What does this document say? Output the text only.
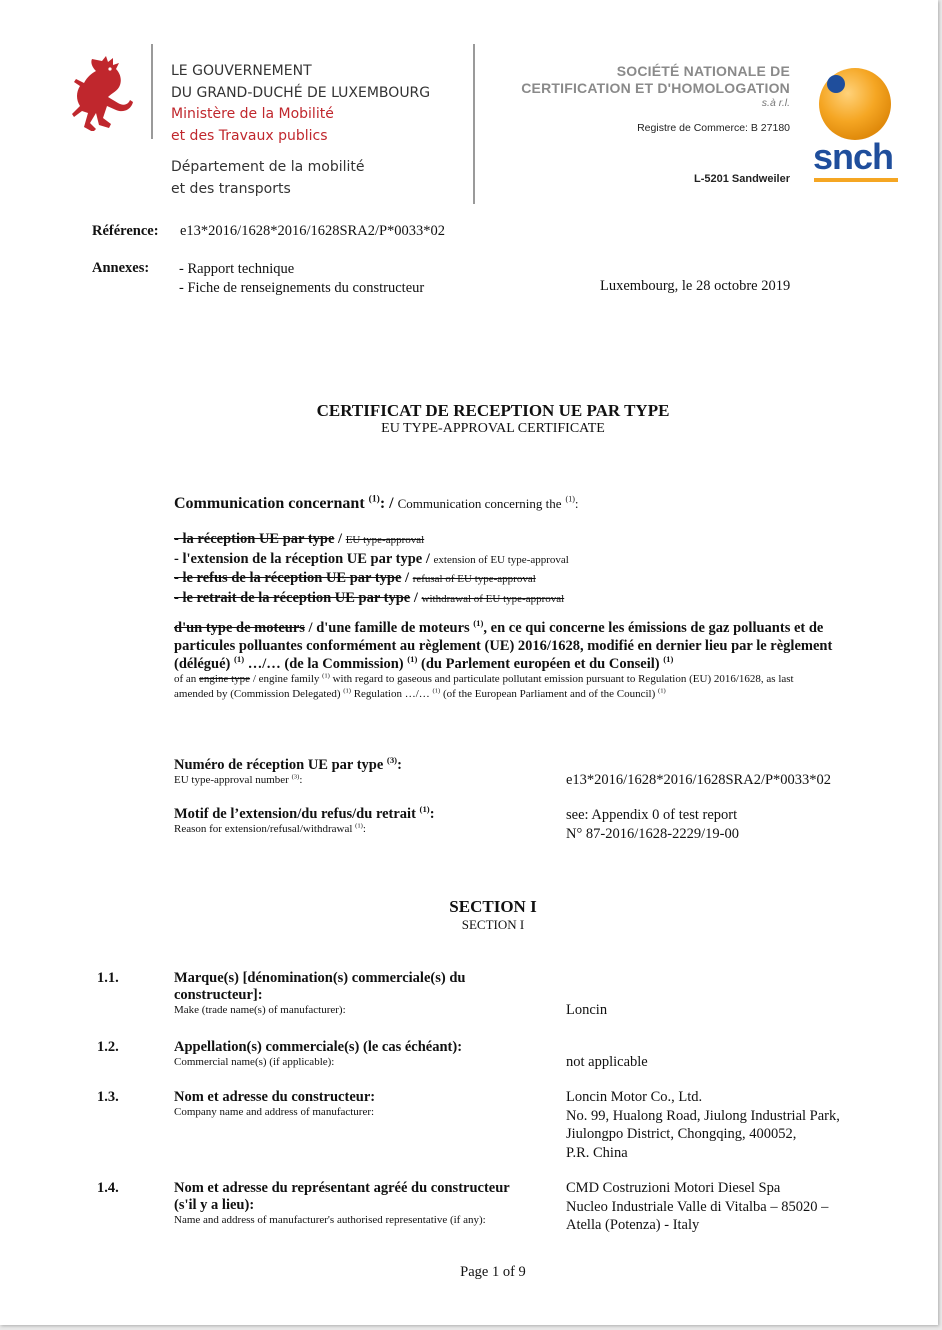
LE GOUVERNEMENT
DU GRAND-DUCHÉ DE LUXEMBOURG
Ministère de la Mobilité
et des Travaux publics
Département de la mobilité
et des transports
SOCIÉTÉ NATIONALE DE
CERTIFICATION ET D'HOMOLOGATION
s.à r.l.
Registre de Commerce: B 27180
L-5201 Sandweiler
snch
Référence: e13*2016/1628*2016/1628SRA2/P*0033*02
Annexes: - Rapport technique
- Fiche de renseignements du constructeur	Luxembourg, le 28 octobre 2019
CERTIFICAT DE RECEPTION UE PAR TYPE
EU TYPE-APPROVAL CERTIFICATE
Communication concernant $^{(1)}$: / Communication concerning the $^{(1)}$:
- la réception UE par type / EU type-approval
- l'extension de la réception UE par type / extension of EU type-approval
- le refus de la réception UE par type / refusal of EU type-approval
- le retrait de la réception UE par type / withdrawal of EU type-approval
d'un type de moteurs / d'une famille de moteurs $^{(1)}$, en ce qui concerne les émissions de gaz polluants et de
particules polluantes conformément au règlement (UE) 2016/1628, modifié en dernier lieu par le règlement
(délégué) $^{(1)}$ …/… (de la Commission) $^{(1)}$ (du Parlement européen et du Conseil) $^{(1)}$
of an engine type / engine family $^{(1)}$ with regard to gaseous and particulate pollutant emission pursuant to Regulation (EU) 2016/1628, as last
amended by (Commission Delegated) $^{(1)}$ Regulation …/… $^{(1)}$ (of the European Parliament and of the Council) $^{(1)}$
Numéro de réception UE par type $^{(3)}$:
EU type-approval number $^{(3)}$:	e13*2016/1628*2016/1628SRA2/P*0033*02
Motif de l’extension/du refus/du retrait $^{(1)}$:
Reason for extension/refusal/withdrawal $^{(1)}$:
see: Appendix 0 of test report
N° 87-2016/1628-2229/19-00
SECTION I
SECTION I
1.1.	Marque(s) [dénomination(s) commerciale(s) du
constructeur]:
Make (trade name(s) of manufacturer):	Loncin
1.2.	Appellation(s) commerciale(s) (le cas échéant):
Commercial name(s) (if applicable):	not applicable
1.3.	Nom et adresse du constructeur:
Company name and address of manufacturer:
Loncin Motor Co., Ltd.
No. 99, Hualong Road, Jiulong Industrial Park,
Jiulongpo District, Chongqing, 400052,
P.R. China
1.4.	Nom et adresse du représentant agréé du constructeur
(s'il y a lieu):
Name and address of manufacturer's authorised representative (if any):
CMD Costruzioni Motori Diesel Spa
Nucleo Industriale Valle di Vitalba – 85020 –
Atella (Potenza) - Italy
Page 1 of 9
